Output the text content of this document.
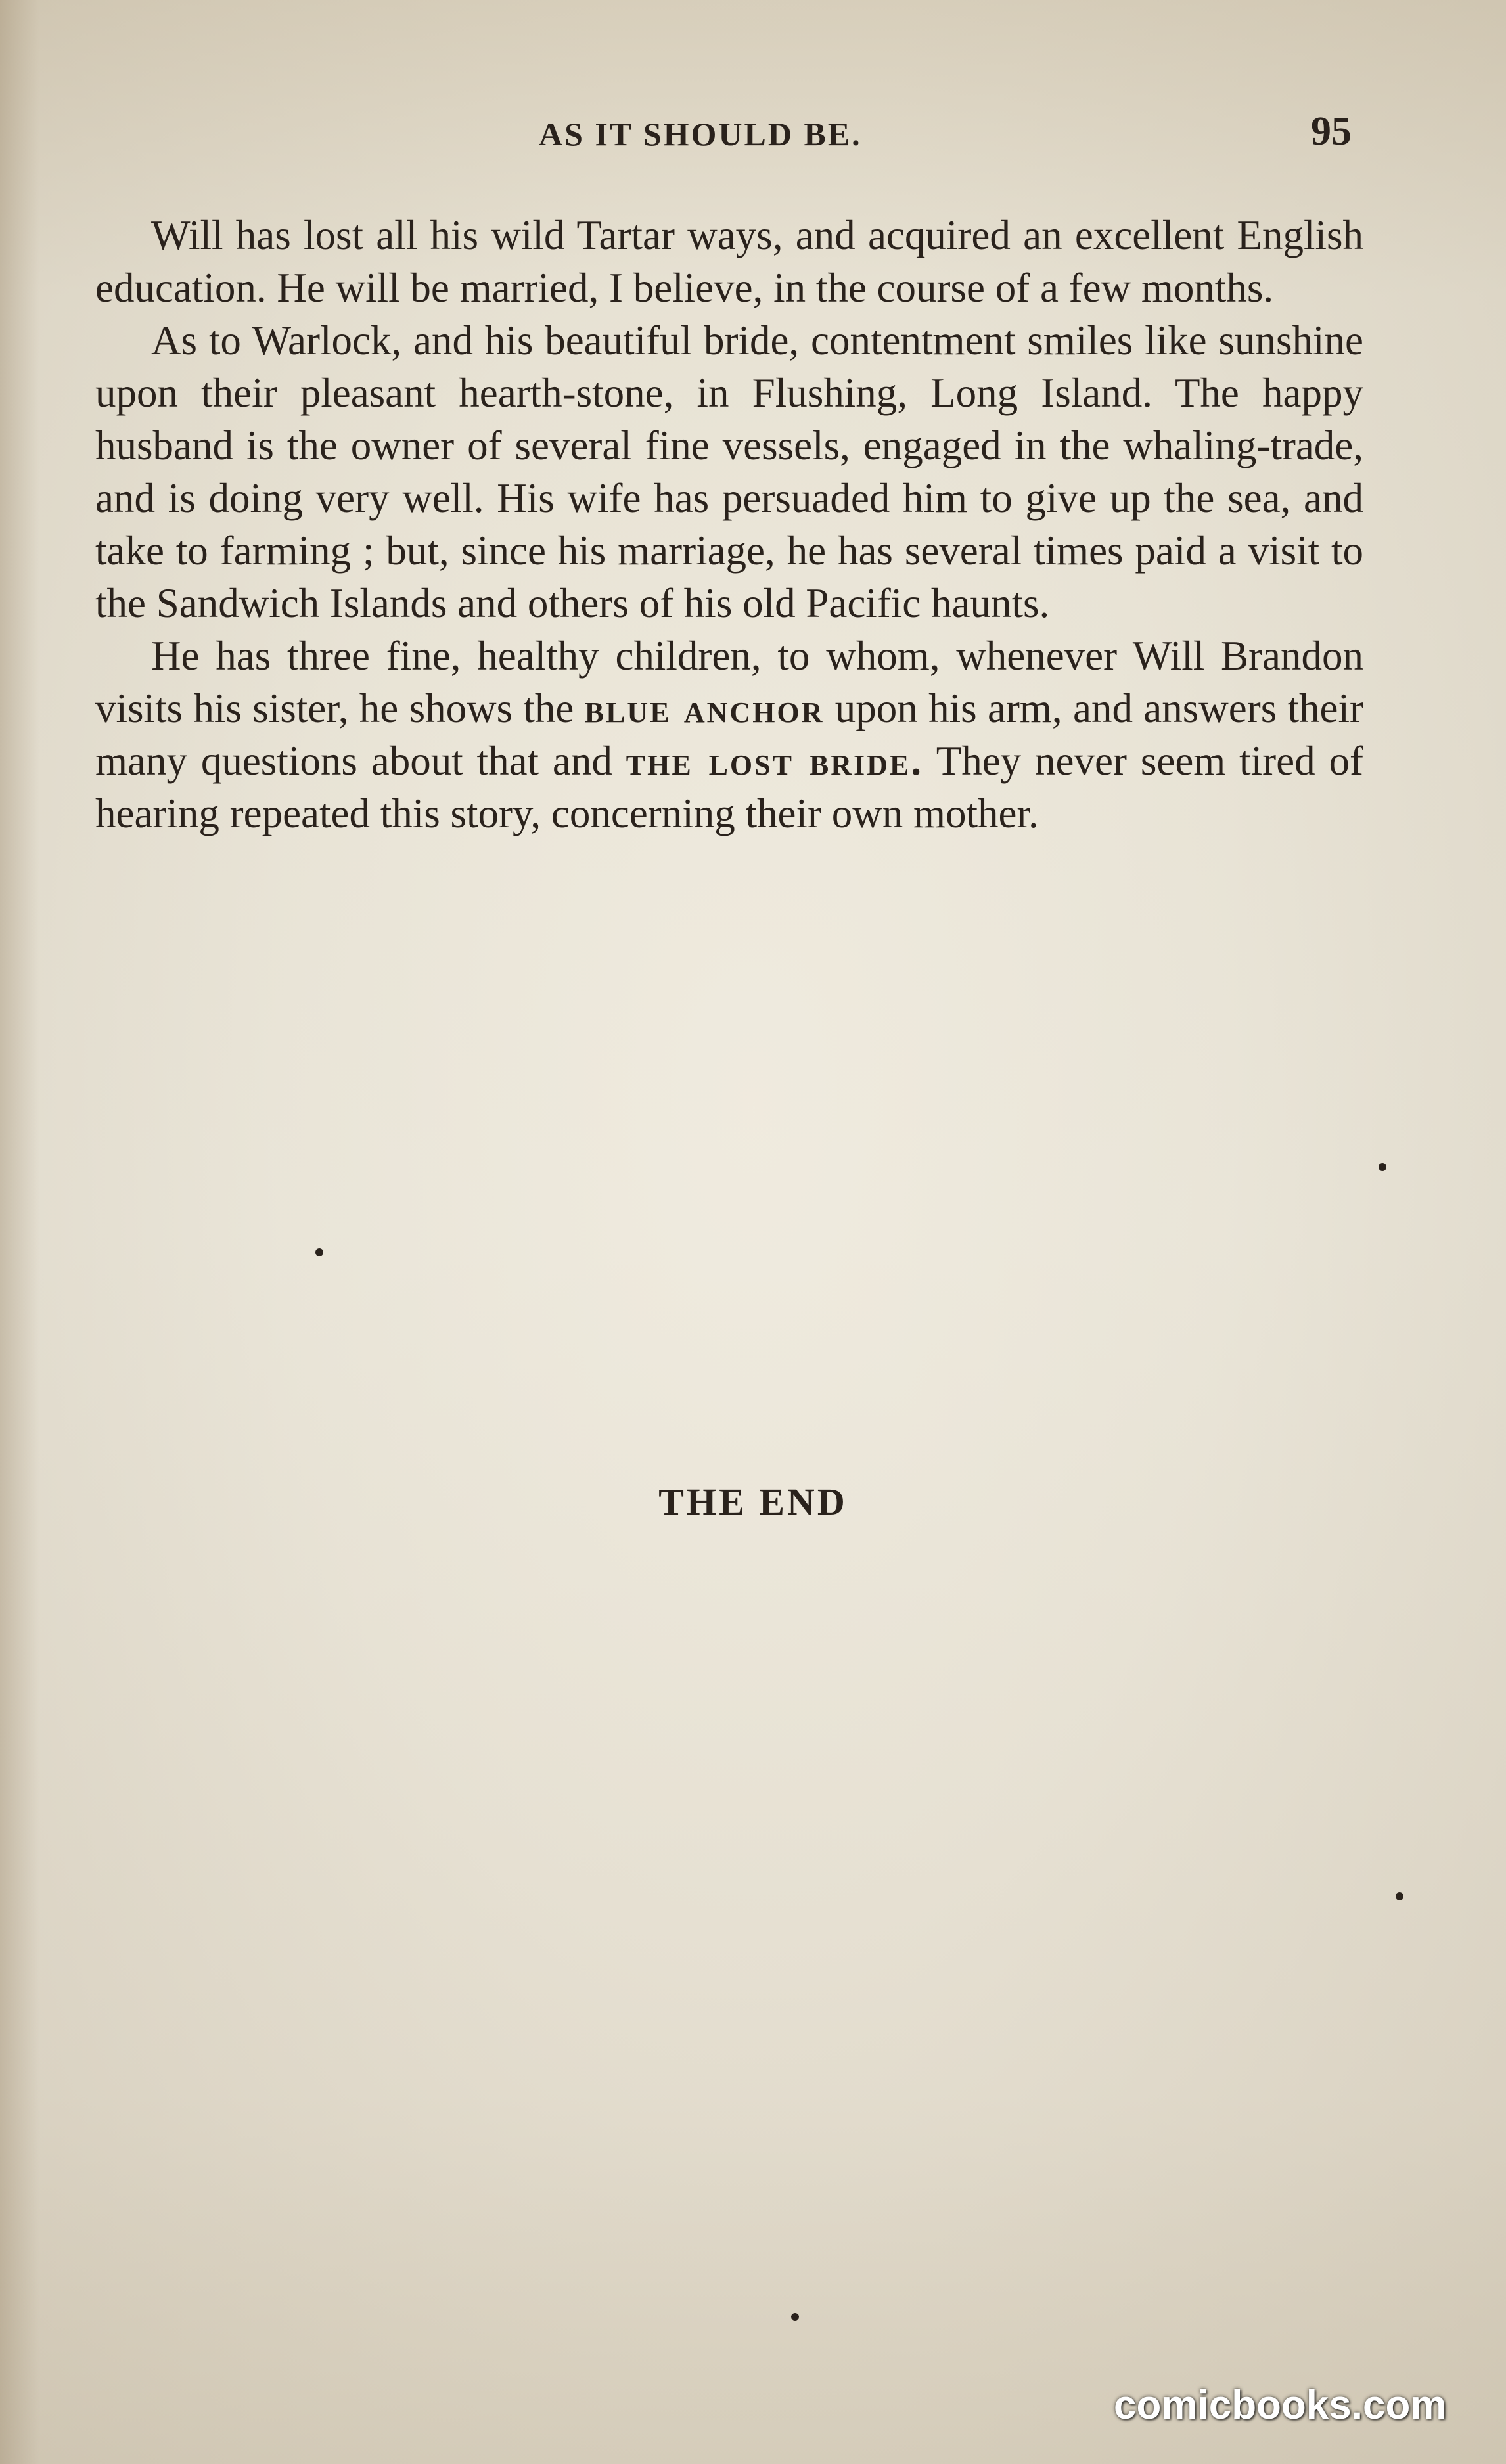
AS IT SHOULD BE.	95

Will has lost all his wild Tartar ways, and acquired an excellent English education. He will be married, I believe, in the course of a few months.

As to Warlock, and his beautiful bride, contentment smiles like sunshine upon their pleasant hearth-stone, in Flushing, Long Island. The happy husband is the owner of several fine vessels, engaged in the whaling-trade, and is doing very well. His wife has persuaded him to give up the sea, and take to farming ; but, since his marriage, he has several times paid a visit to the Sandwich Islands and others of his old Pacific haunts.

He has three fine, healthy children, to whom, whenever Will Brandon visits his sister, he shows the blue anchor upon his arm, and answers their many questions about that and the lost bride. They never seem tired of hearing repeated this story, concerning their own mother.

THE END
comicbooks.com
